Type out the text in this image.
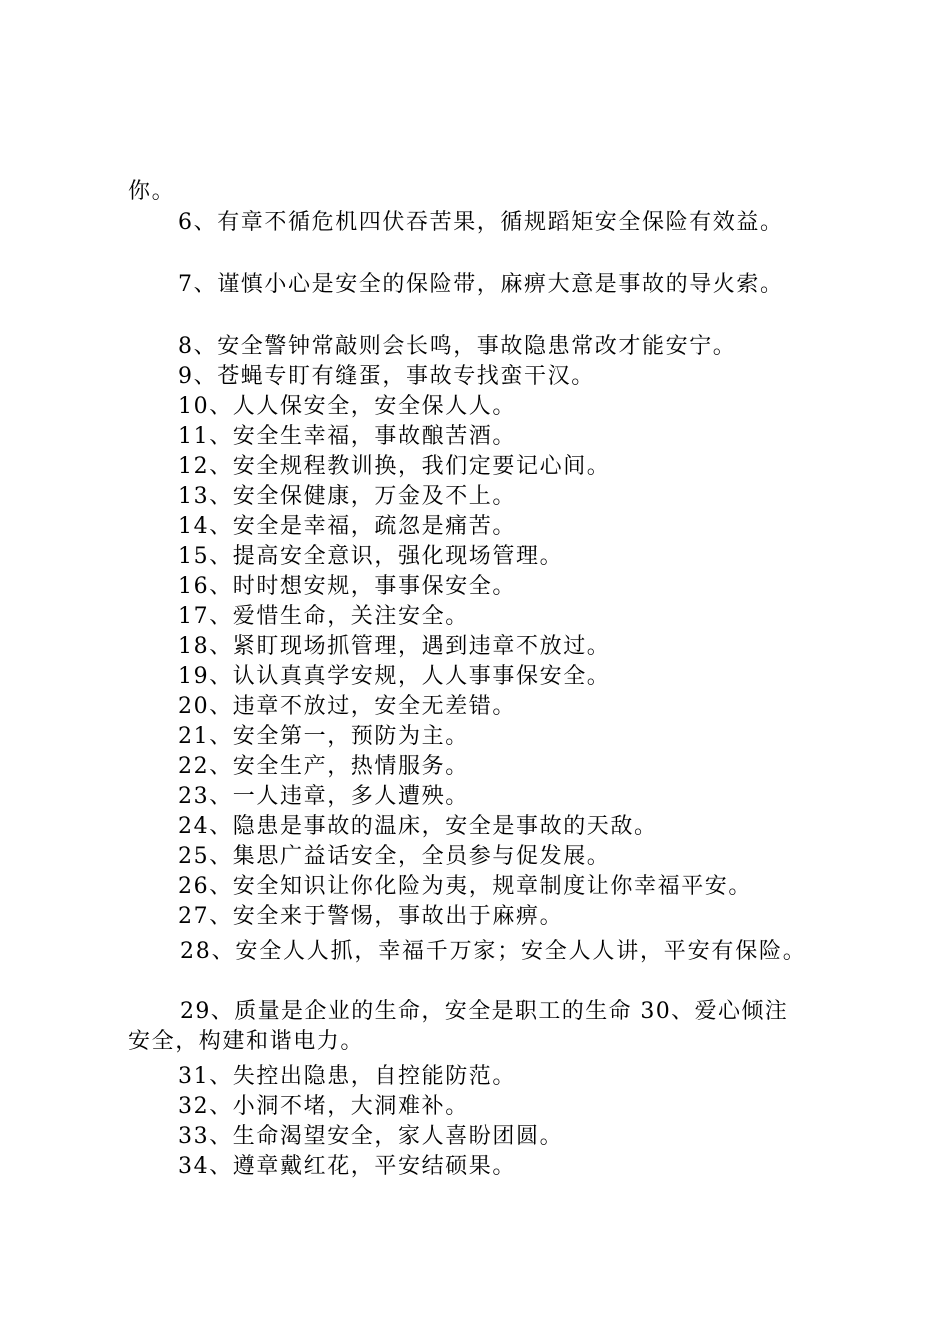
你。
6、有章不循危机四伏吞苦果，循规蹈矩安全保险有效益。
7、谨慎小心是安全的保险带，麻痹大意是事故的导火索。
8、安全警钟常敲则会长鸣，事故隐患常改才能安宁。
9、苍蝇专盯有缝蛋，事故专找蛮干汉。
10、人人保安全，安全保人人。
11、安全生幸福，事故酿苦酒。
12、安全规程教训换，我们定要记心间。
13、安全保健康，万金及不上。
14、安全是幸福，疏忽是痛苦。
15、提高安全意识，强化现场管理。
16、时时想安规，事事保安全。
17、爱惜生命，关注安全。
18、紧盯现场抓管理，遇到违章不放过。
19、认认真真学安规，人人事事保安全。
20、违章不放过，安全无差错。
21、安全第一，预防为主。
22、安全生产，热情服务。
23、一人违章，多人遭殃。
24、隐患是事故的温床，安全是事故的天敌。
25、集思广益话安全，全员参与促发展。
26、安全知识让你化险为夷，规章制度让你幸福平安。
27、安全来于警惕，事故出于麻痹。
28、安全人人抓，幸福千万家；安全人人讲，平安有保险。
29、质量是企业的生命，安全是职工的生命 30、爱心倾注
安全，构建和谐电力。
31、失控出隐患，自控能防范。
32、小洞不堵，大洞难补。
33、生命渴望安全，家人喜盼团圆。
34、遵章戴红花，平安结硕果。
